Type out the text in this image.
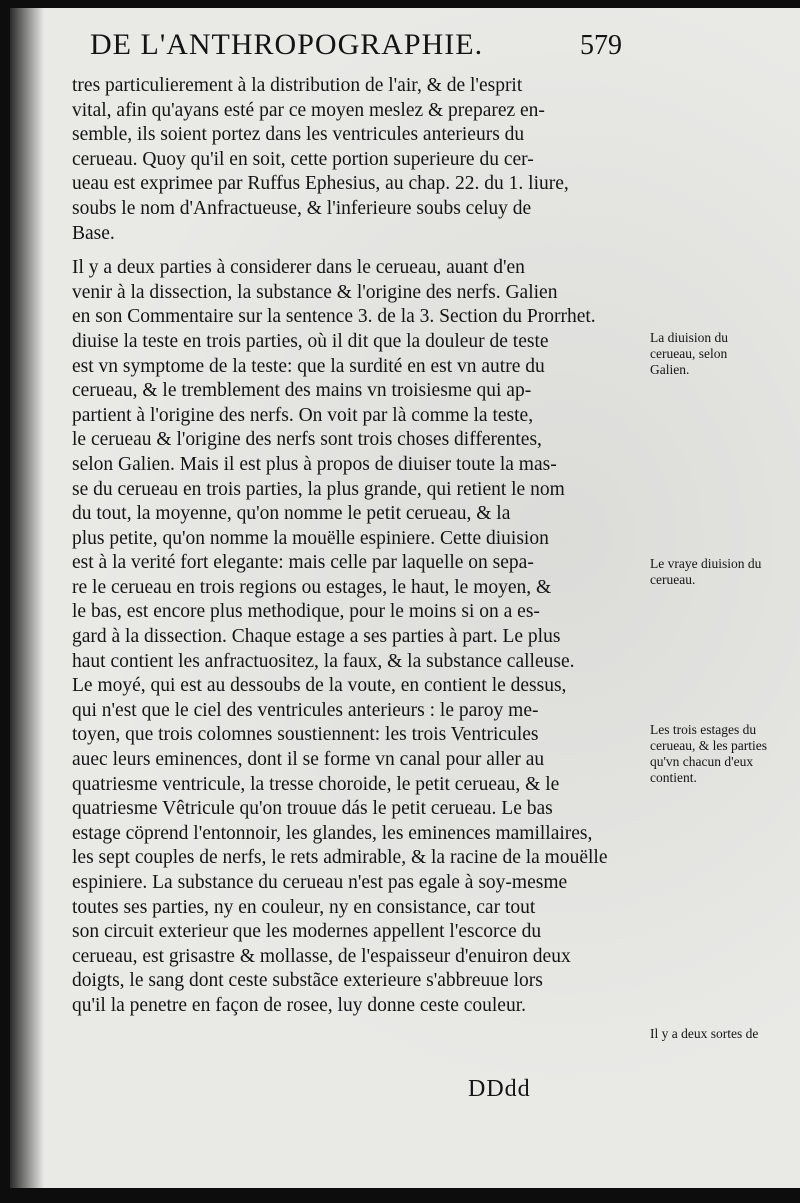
DE L'ANTHROPOGRAPHIE.	579
tres particulierement à la distribution de l'air, & de l'esprit
vital, afin qu'ayans esté par ce moyen meslez & preparez en-
semble, ils soient portez dans les ventricules anterieurs du
cerueau. Quoy qu'il en soit, cette portion superieure du cer-
ueau est exprimee par Ruffus Ephesius, au chap. 22. du 1. liure,
soubs le nom d'Anfractueuse, & l'inferieure soubs celuy de
Base.
Il y a deux parties à considerer dans le cerueau, auant d'en
venir à la dissection, la substance & l'origine des nerfs. Galien
en son Commentaire sur la sentence 3. de la 3. Section du Prorrhet.
diuise la teste en trois parties, où il dit que la douleur de teste
est vn symptome de la teste: que la surdité en est vn autre du
cerueau, & le tremblement des mains vn troisiesme qui ap-
partient à l'origine des nerfs. On voit par là comme la teste,
le cerueau & l'origine des nerfs sont trois choses differentes,
selon Galien. Mais il est plus à propos de diuiser toute la mas-
se du cerueau en trois parties, la plus grande, qui retient le nom
du tout, la moyenne, qu'on nomme le petit cerueau, & la
plus petite, qu'on nomme la mouëlle espiniere. Cette diuision
est à la verité fort elegante: mais celle par laquelle on sepa-
re le cerueau en trois regions ou estages, le haut, le moyen, &
le bas, est encore plus methodique, pour le moins si on a es-
gard à la dissection. Chaque estage a ses parties à part. Le plus
haut contient les anfractuositez, la faux, & la substance calleuse.
Le moyé, qui est au dessoubs de la voute, en contient le dessus,
qui n'est que le ciel des ventricules anterieurs : le paroy me-
toyen, que trois colomnes soustiennent: les trois Ventricules
auec leurs eminences, dont il se forme vn canal pour aller au
quatriesme ventricule, la tresse choroide, le petit cerueau, & le
quatriesme Vêtricule qu'on trouue dás le petit cerueau. Le bas
estage cöprend l'entonnoir, les glandes, les eminences mamillaires,
les sept couples de nerfs, le rets admirable, & la racine de la mouëlle
espiniere. La substance du cerueau n'est pas egale à soy-mesme
toutes ses parties, ny en couleur, ny en consistance, car tout
son circuit exterieur que les modernes appellent l'escorce du
cerueau, est grisastre & mollasse, de l'espaisseur d'enuiron deux
doigts, le sang dont ceste substãce exterieure s'abbreuue lors
qu'il la penetre en façon de rosee, luy donne ceste couleur.
La diuision du cerueau, selon Galien.
Le vraye diuision du cerueau.
Les trois estages du cerueau, & les parties qu'vn chacun d'eux contient.
Il y a deux sortes de
DDdd
